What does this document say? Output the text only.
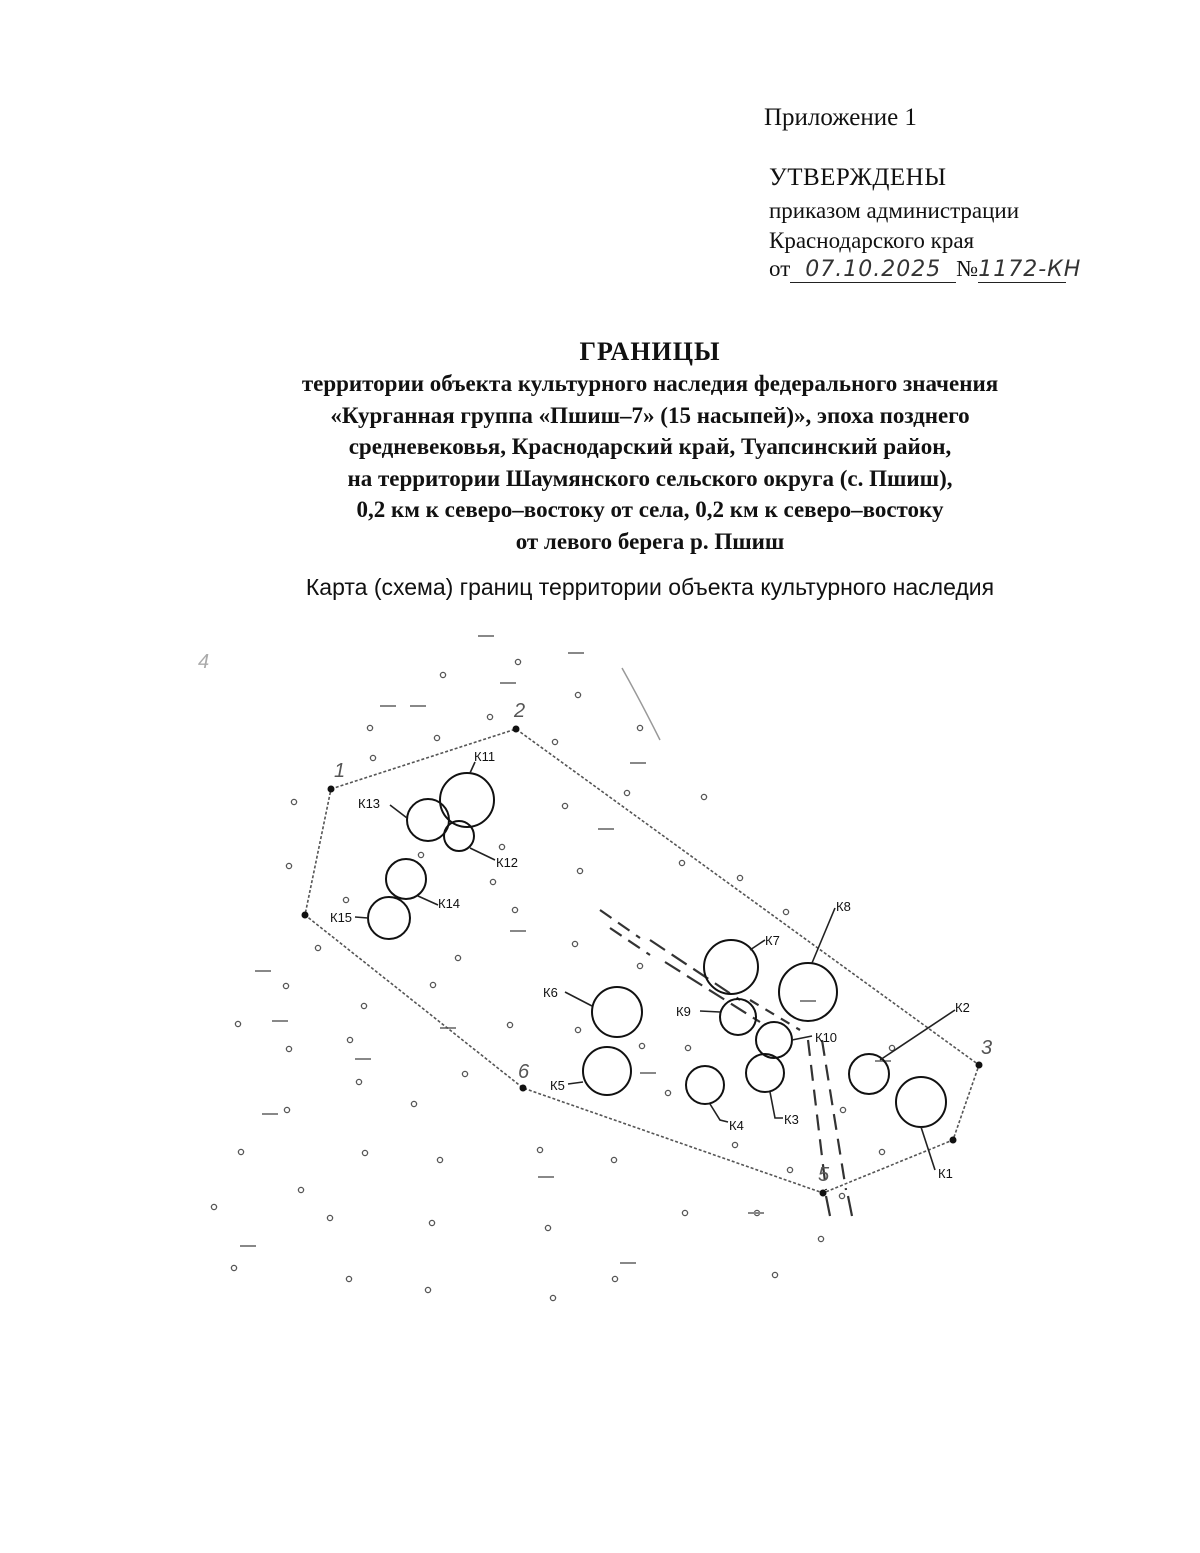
Приложение 1
УТВЕРЖДЕНЫ
приказом администрации
Краснодарского края
от 07.10.2025 №1172-КН
ГРАНИЦЫ
территории объекта культурного наследия федерального значения
«Курганная группа «Пшиш–7» (15 насыпей)», эпоха позднего
средневековья, Краснодарский край, Туапсинский район,
на территории Шаумянского сельского округа (с. Пшиш),
0,2 км к северо–востоку от села, 0,2 км к северо–востоку
от левого берега р. Пшиш
Карта (схема) границ территории объекта культурного наследия
К1
К2
К3
К4
К5
К6
К7
К8
К9
К10
К11
К12
К13
К14
К15
1
2
3
4
5
6
